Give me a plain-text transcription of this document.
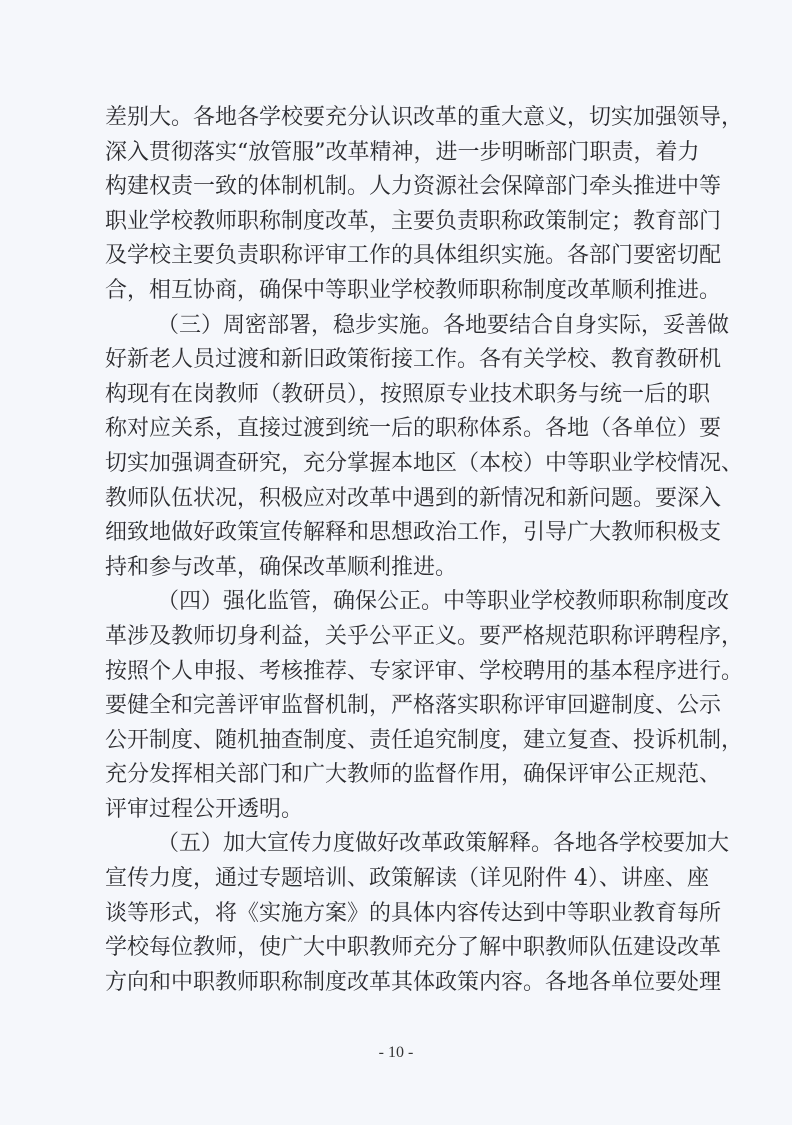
差别大。各地各学校要充分认识改革的重大意义，切实加强领导，
深入贯彻落实“放管服”改革精神，进一步明晰部门职责，着力
构建权责一致的体制机制。人力资源社会保障部门牵头推进中等
职业学校教师职称制度改革，主要负责职称政策制定；教育部门
及学校主要负责职称评审工作的具体组织实施。各部门要密切配
合，相互协商，确保中等职业学校教师职称制度改革顺利推进。
（三）周密部署，稳步实施。各地要结合自身实际，妥善做
好新老人员过渡和新旧政策衔接工作。各有关学校、教育教研机
构现有在岗教师（教研员），按照原专业技术职务与统一后的职
称对应关系，直接过渡到统一后的职称体系。各地（各单位）要
切实加强调查研究，充分掌握本地区（本校）中等职业学校情况、
教师队伍状况，积极应对改革中遇到的新情况和新问题。要深入
细致地做好政策宣传解释和思想政治工作，引导广大教师积极支
持和参与改革，确保改革顺利推进。
（四）强化监管，确保公正。中等职业学校教师职称制度改
革涉及教师切身利益，关乎公平正义。要严格规范职称评聘程序，
按照个人申报、考核推荐、专家评审、学校聘用的基本程序进行。
要健全和完善评审监督机制，严格落实职称评审回避制度、公示
公开制度、随机抽查制度、责任追究制度，建立复查、投诉机制，
充分发挥相关部门和广大教师的监督作用，确保评审公正规范、
评审过程公开透明。
（五）加大宣传力度做好改革政策解释。各地各学校要加大
宣传力度，通过专题培训、政策解读（详见附件 4）、讲座、座
谈等形式，将《实施方案》的具体内容传达到中等职业教育每所
学校每位教师，使广大中职教师充分了解中职教师队伍建设改革
方向和中职教师职称制度改革其体政策内容。各地各单位要处理
- 10 -
